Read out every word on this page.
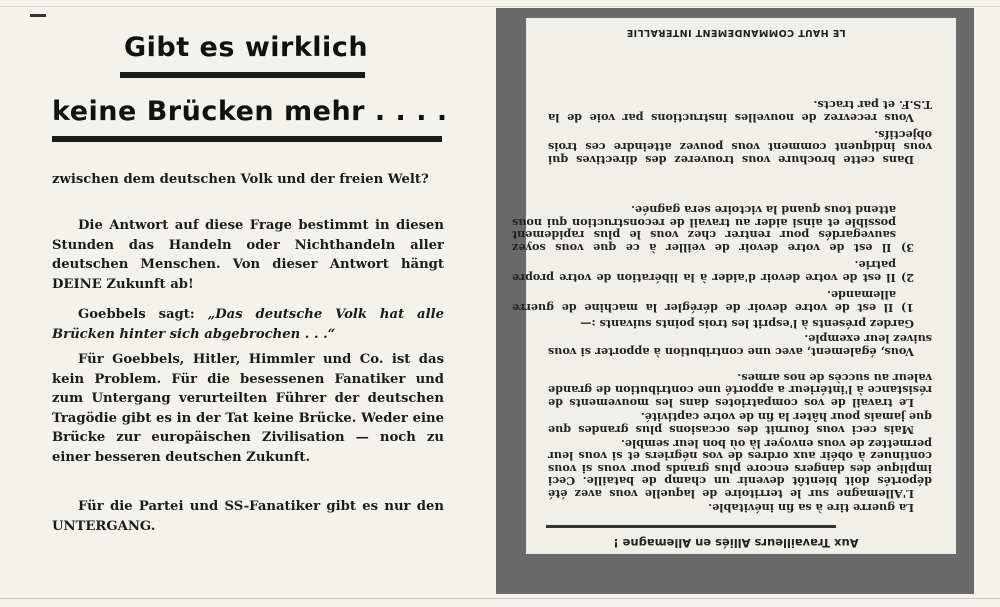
Gibt es wirklich
keine Brücken mehr . . . .
zwischen dem deutschen Volk und der freien Welt?
Die Antwort auf diese Frage bestimmt in diesen Stunden das Handeln oder Nichthandeln aller deutschen Menschen. Von dieser Antwort hängt DEINE Zukunft ab!
Goebbels sagt: „Das deutsche Volk hat alle Brücken hinter sich abgebrochen . . .“
Für Goebbels, Hitler, Himmler und Co. ist das kein Problem. Für die besessenen Fanatiker und zum Untergang verurteilten Führer der deutschen Tragödie gibt es in der Tat keine Brücke. Weder eine Brücke zur europäischen Zivilisation — noch zu einer besseren deutschen Zukunft.
Für die Partei und SS-Fanatiker gibt es nur den UNTERGANG.
Aux Travailleurs Alliés en Allemagne !
La guerre tire à sa fin inévitable.
L'Allemagne sur le territoire de laquelle vous avez été déportés doit bientôt devenir un champ de bataille. Ceci implique des dangers encore plus grands pour vous si vous continuez à obéir aux ordres de vos négriers et si vous leur permettez de vous envoyer là où bon leur semble.
Mais ceci vous fournit des occasions plus grandes que que jamais pour hâter la fin de votre captivité.
Le travail de vos compatriotes dans les mouvements de résistance à l'intérieur a apporté une contribution de grande valeur au succès de nos armes.
Vous, également, avec une contribution à apporter si vous suivez leur exemple.
Gardez présents à l'esprit les trois points suivants :—
1) Il est de votre devoir de dérégler la machine de guerre allemande.
2) Il est de votre devoir d'aider à la libération de votre propre patrie.
3) Il est de votre devoir de veiller à ce que vous soyez sauvegardés pour rentrer chez vous le plus rapidement possible et ainsi aider au travail de reconstruction qui nous attend tous quand la victoire sera gagnée.
Dans cette brochure vous trouverez des directives qui vous indiquent comment vous pouvez atteindre ces trois objectifs.
Vous recevrez de nouvelles instructions par voie de la T.S.F. et par tracts.
LE HAUT COMMANDEMENT INTERALLIE
